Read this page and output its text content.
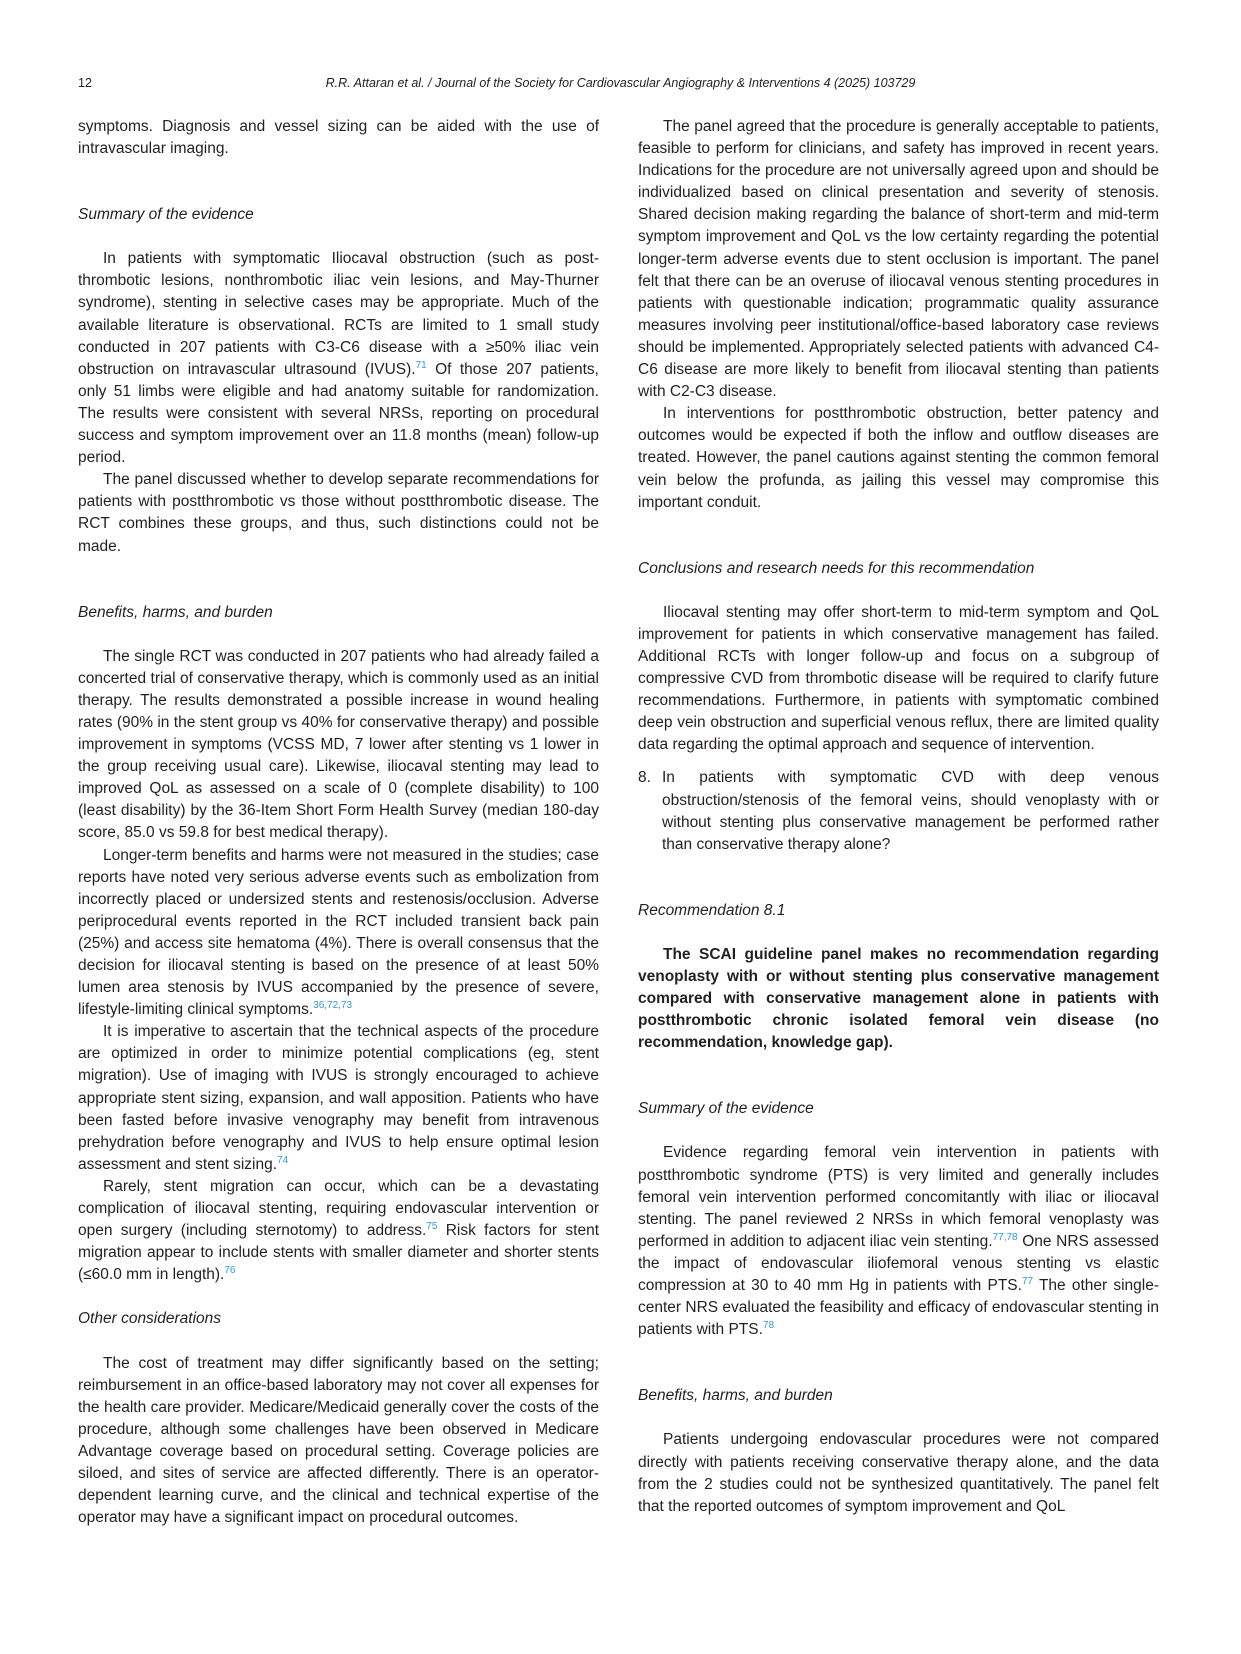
12	R.R. Attaran et al. / Journal of the Society for Cardiovascular Angiography & Interventions 4 (2025) 103729

symptoms. Diagnosis and vessel sizing can be aided with the use of intravascular imaging.

Summary of the evidence

In patients with symptomatic Iliocaval obstruction (such as post-thrombotic lesions, nonthrombotic iliac vein lesions, and May-Thurner syndrome), stenting in selective cases may be appropriate. Much of the available literature is observational. RCTs are limited to 1 small study conducted in 207 patients with C3-C6 disease with a ≥50% iliac vein obstruction on intravascular ultrasound (IVUS).$^{71}$ Of those 207 patients, only 51 limbs were eligible and had anatomy suitable for randomization. The results were consistent with several NRSs, reporting on procedural success and symptom improvement over an 11.8 months (mean) follow-up period.

The panel discussed whether to develop separate recommendations for patients with postthrombotic vs those without postthrombotic disease. The RCT combines these groups, and thus, such distinctions could not be made.

Benefits, harms, and burden

The single RCT was conducted in 207 patients who had already failed a concerted trial of conservative therapy, which is commonly used as an initial therapy. The results demonstrated a possible increase in wound healing rates (90% in the stent group vs 40% for conservative therapy) and possible improvement in symptoms (VCSS MD, 7 lower after stenting vs 1 lower in the group receiving usual care). Likewise, iliocaval stenting may lead to improved QoL as assessed on a scale of 0 (complete disability) to 100 (least disability) by the 36-Item Short Form Health Survey (median 180-day score, 85.0 vs 59.8 for best medical therapy).

Longer-term benefits and harms were not measured in the studies; case reports have noted very serious adverse events such as embolization from incorrectly placed or undersized stents and restenosis/occlusion. Adverse periprocedural events reported in the RCT included transient back pain (25%) and access site hematoma (4%). There is overall consensus that the decision for iliocaval stenting is based on the presence of at least 50% lumen area stenosis by IVUS accompanied by the presence of severe, lifestyle-limiting clinical symptoms.$^{36,72,73}$

It is imperative to ascertain that the technical aspects of the procedure are optimized in order to minimize potential complications (eg, stent migration). Use of imaging with IVUS is strongly encouraged to achieve appropriate stent sizing, expansion, and wall apposition. Patients who have been fasted before invasive venography may benefit from intravenous prehydration before venography and IVUS to help ensure optimal lesion assessment and stent sizing.$^{74}$

Rarely, stent migration can occur, which can be a devastating complication of iliocaval stenting, requiring endovascular intervention or open surgery (including sternotomy) to address.$^{75}$ Risk factors for stent migration appear to include stents with smaller diameter and shorter stents (≤60.0 mm in length).$^{76}$

Other considerations

The cost of treatment may differ significantly based on the setting; reimbursement in an office-based laboratory may not cover all expenses for the health care provider. Medicare/Medicaid generally cover the costs of the procedure, although some challenges have been observed in Medicare Advantage coverage based on procedural setting. Coverage policies are siloed, and sites of service are affected differently. There is an operator-dependent learning curve, and the clinical and technical expertise of the operator may have a significant impact on procedural outcomes.

The panel agreed that the procedure is generally acceptable to patients, feasible to perform for clinicians, and safety has improved in recent years. Indications for the procedure are not universally agreed upon and should be individualized based on clinical presentation and severity of stenosis. Shared decision making regarding the balance of short-term and mid-term symptom improvement and QoL vs the low certainty regarding the potential longer-term adverse events due to stent occlusion is important. The panel felt that there can be an overuse of iliocaval venous stenting procedures in patients with questionable indication; programmatic quality assurance measures involving peer institutional/office-based laboratory case reviews should be implemented. Appropriately selected patients with advanced C4-C6 disease are more likely to benefit from iliocaval stenting than patients with C2-C3 disease.

In interventions for postthrombotic obstruction, better patency and outcomes would be expected if both the inflow and outflow diseases are treated. However, the panel cautions against stenting the common femoral vein below the profunda, as jailing this vessel may compromise this important conduit.

Conclusions and research needs for this recommendation

Iliocaval stenting may offer short-term to mid-term symptom and QoL improvement for patients in which conservative management has failed. Additional RCTs with longer follow-up and focus on a subgroup of compressive CVD from thrombotic disease will be required to clarify future recommendations. Furthermore, in patients with symptomatic combined deep vein obstruction and superficial venous reflux, there are limited quality data regarding the optimal approach and sequence of intervention.

8. In patients with symptomatic CVD with deep venous obstruction/stenosis of the femoral veins, should venoplasty with or without stenting plus conservative management be performed rather than conservative therapy alone?

Recommendation 8.1

The SCAI guideline panel makes no recommendation regarding venoplasty with or without stenting plus conservative management compared with conservative management alone in patients with postthrombotic chronic isolated femoral vein disease (no recommendation, knowledge gap).

Summary of the evidence

Evidence regarding femoral vein intervention in patients with postthrombotic syndrome (PTS) is very limited and generally includes femoral vein intervention performed concomitantly with iliac or iliocaval stenting. The panel reviewed 2 NRSs in which femoral venoplasty was performed in addition to adjacent iliac vein stenting.$^{77,78}$ One NRS assessed the impact of endovascular iliofemoral venous stenting vs elastic compression at 30 to 40 mm Hg in patients with PTS.$^{77}$ The other single-center NRS evaluated the feasibility and efficacy of endovascular stenting in patients with PTS.$^{78}$

Benefits, harms, and burden

Patients undergoing endovascular procedures were not compared directly with patients receiving conservative therapy alone, and the data from the 2 studies could not be synthesized quantitatively. The panel felt that the reported outcomes of symptom improvement and QoL
